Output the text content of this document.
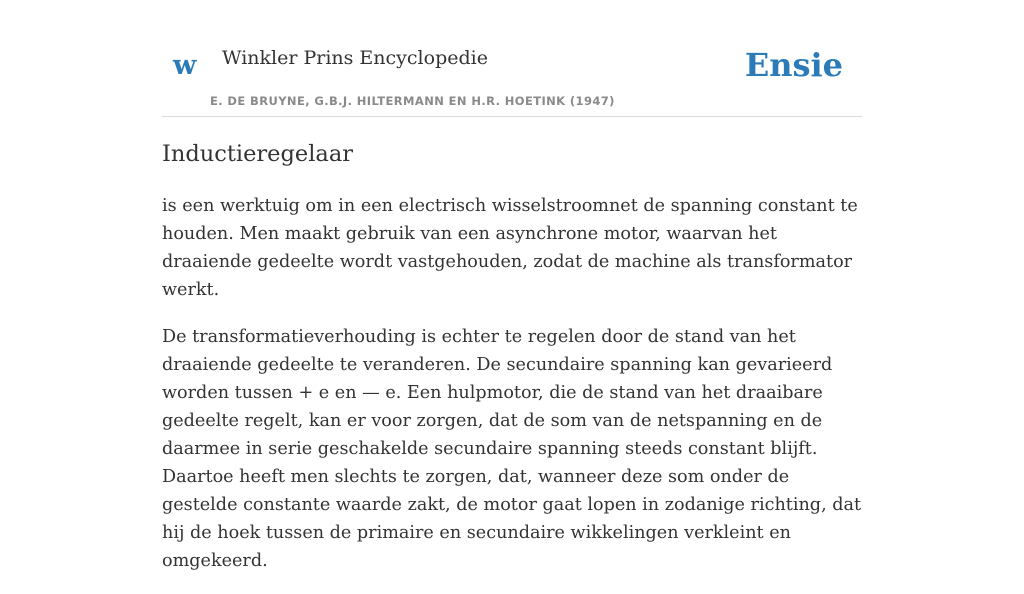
w Winkler Prins Encyclopedie
E. DE BRUYNE, G.B.J. HILTERMANN EN H.R. HOETINK (1947)
Ensie
Inductieregelaar

is een werktuig om in een electrisch wisselstroomnet de spanning constant te houden. Men maakt gebruik van een asynchrone motor, waarvan het draaiende gedeelte wordt vastgehouden, zodat de machine als transformator werkt.

De transformatieverhouding is echter te regelen door de stand van het draaiende gedeelte te veranderen. De secundaire spanning kan gevarieerd worden tussen + e en — e. Een hulpmotor, die de stand van het draaibare gedeelte regelt, kan er voor zorgen, dat de som van de netspanning en de daarmee in serie geschakelde secundaire spanning steeds constant blijft. Daartoe heeft men slechts te zorgen, dat, wanneer deze som onder de gestelde constante waarde zakt, de motor gaat lopen in zodanige richting, dat hij de hoek tussen de primaire en secundaire wikkelingen verkleint en omgekeerd.
